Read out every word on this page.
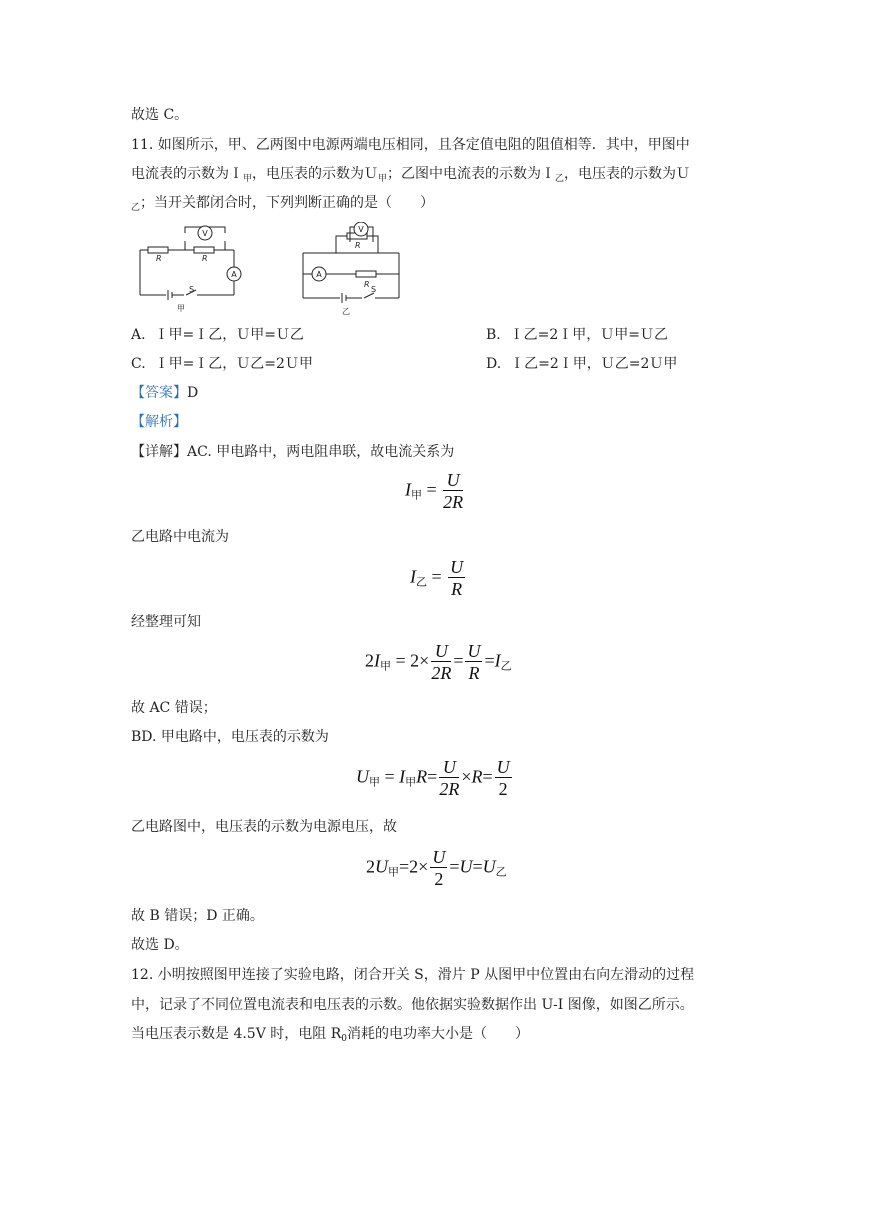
故选 C。
11. 如图所示，甲、乙两图中电源两端电压相同，且各定值电阻的阻值相等．其中，甲图中
电流表的示数为Ｉ$_甲$，电压表的示数为Ｕ$_甲$；乙图中电流表的示数为Ｉ$_乙$，电压表的示数为Ｕ
$_乙$；当开关都闭合时，下列判断正确的是（　　）
V
A
R	R
S
甲
V
A
R
R
S
乙
A. Ｉ甲=Ｉ乙，Ｕ甲=Ｕ乙	B. Ｉ乙=2Ｉ甲，Ｕ甲=Ｕ乙
C. Ｉ甲=Ｉ乙，Ｕ乙=2Ｕ甲	D. Ｉ乙=2Ｉ甲，Ｕ乙=2Ｕ甲
【答案】D
【解析】
【详解】AC. 甲电路中，两电阻串联，故电流关系为
I甲 = $\frac{U}{2R}$
乙电路中电流为
I乙 = $\frac{U}{R}$
经整理可知
2I甲 = $2\times \frac{U}{2R} = \frac{U}{R} =I$乙
故 AC 错误；
BD. 甲电路中，电压表的示数为
U甲 = I甲$R= \frac{U}{2R} \times R= \frac{U}{2}$
乙电路图中，电压表的示数为电源电压，故
2U甲$=2\times \frac{U}{2} =U=U$乙
故 B 错误；D 正确。
故选 D。
12. 小明按照图甲连接了实验电路，闭合开关 S，滑片 P 从图甲中位置由右向左滑动的过程
中，记录了不同位置电流表和电压表的示数。他依据实验数据作出 U-I 图像，如图乙所示。
当电压表示数是 4.5V 时，电阻 $R_0$消耗的电功率大小是（　　）
